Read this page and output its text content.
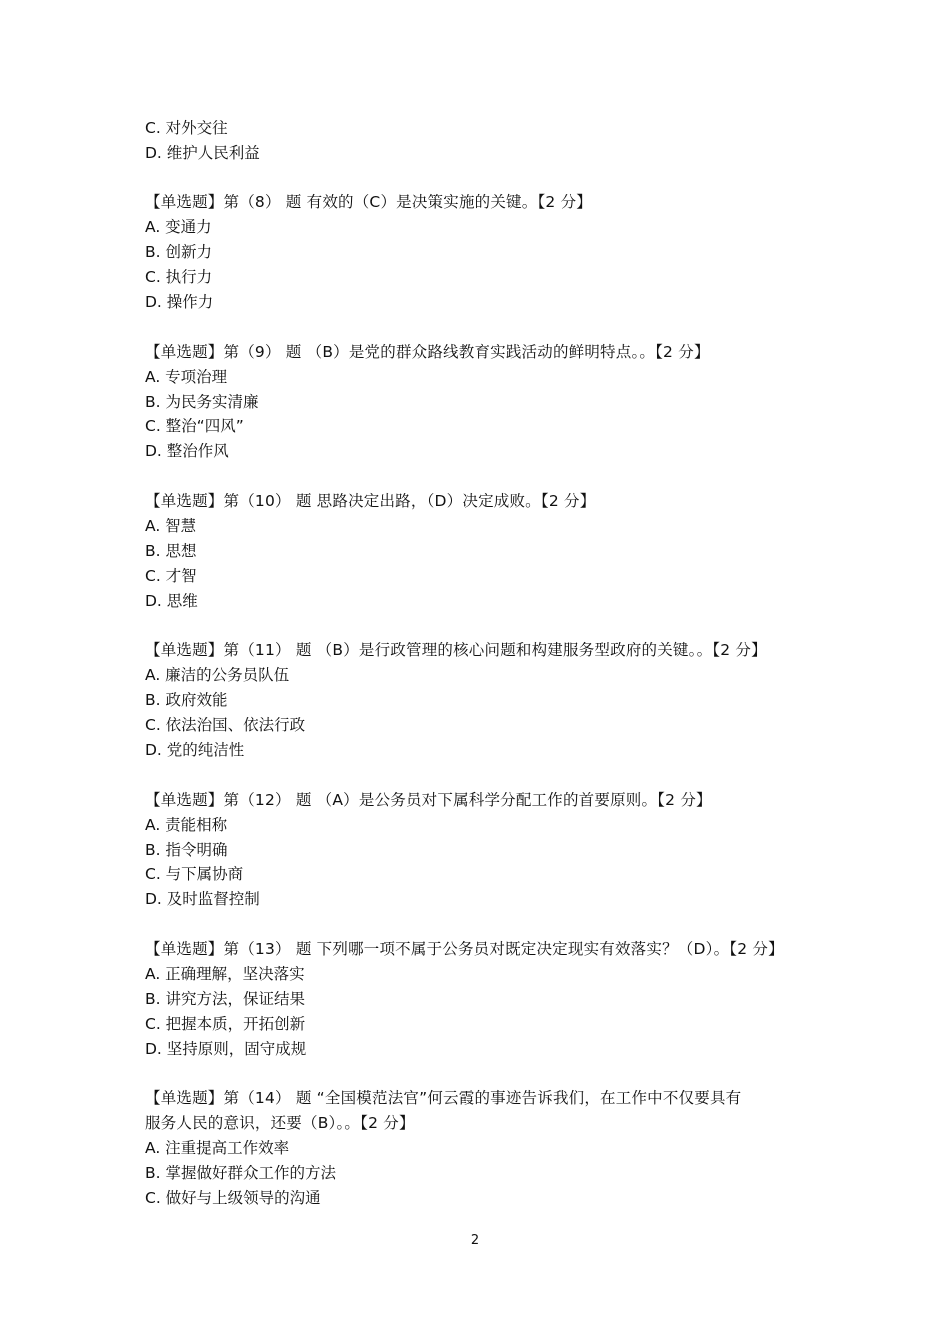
C. 对外交往
D. 维护人民利益
【单选题】第（8） 题 有效的（C）是决策实施的关键。【2 分】
A. 变通力
B. 创新力
C. 执行力
D. 操作力
【单选题】第（9） 题 （B）是党的群众路线教育实践活动的鲜明特点。。【2 分】
A. 专项治理
B. 为民务实清廉
C. 整治“四风”
D. 整治作风
【单选题】第（10） 题 思路决定出路，（D）决定成败。【2 分】
A. 智慧
B. 思想
C. 才智
D. 思维
【单选题】第（11） 题 （B）是行政管理的核心问题和构建服务型政府的关键。。【2 分】
A. 廉洁的公务员队伍
B. 政府效能
C. 依法治国、依法行政
D. 党的纯洁性
【单选题】第（12） 题 （A）是公务员对下属科学分配工作的首要原则。【2 分】
A. 责能相称
B. 指令明确
C. 与下属协商
D. 及时监督控制
【单选题】第（13） 题 下列哪一项不属于公务员对既定决定现实有效落实？（D）。【2 分】
A. 正确理解，坚决落实
B. 讲究方法，保证结果
C. 把握本质，开拓创新
D. 坚持原则，固守成规
【单选题】第（14） 题 “全国模范法官”何云霞的事迹告诉我们，在工作中不仅要具有
服务人民的意识，还要（B）。。【2 分】
A. 注重提高工作效率
B. 掌握做好群众工作的方法
C. 做好与上级领导的沟通
2
